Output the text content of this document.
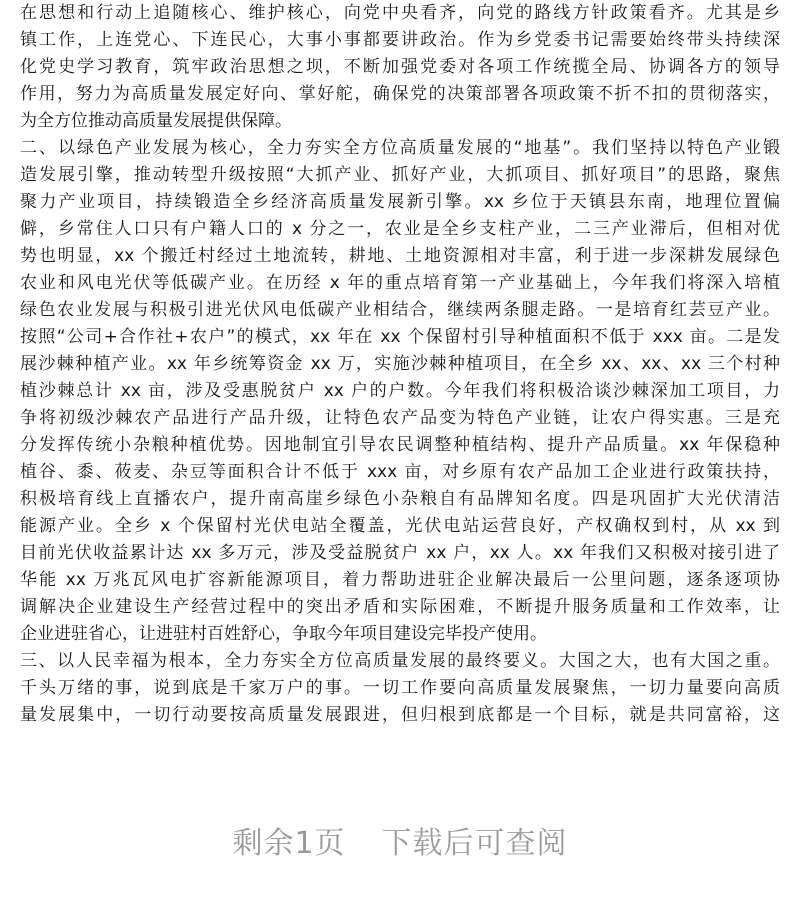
在思想和行动上追随核心、维护核心，向党中央看齐，向党的路线方针政策看齐。尤其是乡
镇工作，上连党心、下连民心，大事小事都要讲政治。作为乡党委书记需要始终带头持续深
化党史学习教育，筑牢政治思想之坝，不断加强党委对各项工作统揽全局、协调各方的领导
作用，努力为高质量发展定好向、掌好舵，确保党的决策部署各项政策不折不扣的贯彻落实，
为全方位推动高质量发展提供保障。
二、以绿色产业发展为核心，全力夯实全方位高质量发展的“地基”。我们坚持以特色产业锻
造发展引擎，推动转型升级按照“大抓产业、抓好产业，大抓项目、抓好项目”的思路，聚焦
聚力产业项目，持续锻造全乡经济高质量发展新引擎。xx 乡位于天镇县东南，地理位置偏
僻，乡常住人口只有户籍人口的 x 分之一，农业是全乡支柱产业，二三产业滞后，但相对优
势也明显，xx 个搬迁村经过土地流转，耕地、土地资源相对丰富，利于进一步深耕发展绿色
农业和风电光伏等低碳产业。在历经 x 年的重点培育第一产业基础上，今年我们将深入培植
绿色农业发展与积极引进光伏风电低碳产业相结合，继续两条腿走路。一是培育红芸豆产业。
按照“公司+合作社+农户”的模式，xx 年在 xx 个保留村引导种植面积不低于 xxx 亩。二是发
展沙棘种植产业。xx 年乡统筹资金 xx 万，实施沙棘种植项目，在全乡 xx、xx、xx 三个村种
植沙棘总计 xx 亩，涉及受惠脱贫户 xx 户的户数。今年我们将积极洽谈沙棘深加工项目，力
争将初级沙棘农产品进行产品升级，让特色农产品变为特色产业链，让农户得实惠。三是充
分发挥传统小杂粮种植优势。因地制宜引导农民调整种植结构、提升产品质量。xx 年保稳种
植谷、黍、莜麦、杂豆等面积合计不低于 xxx 亩，对乡原有农产品加工企业进行政策扶持，
积极培育线上直播农户，提升南高崖乡绿色小杂粮自有品牌知名度。四是巩固扩大光伏清洁
能源产业。全乡 x 个保留村光伏电站全覆盖，光伏电站运营良好，产权确权到村，从 xx 到
目前光伏收益累计达 xx 多万元，涉及受益脱贫户 xx 户，xx 人。xx 年我们又积极对接引进了
华能 xx 万兆瓦风电扩容新能源项目，着力帮助进驻企业解决最后一公里问题，逐条逐项协
调解决企业建设生产经营过程中的突出矛盾和实际困难，不断提升服务质量和工作效率，让
企业进驻省心，让进驻村百姓舒心，争取今年项目建设完毕投产使用。
三、以人民幸福为根本，全力夯实全方位高质量发展的最终要义。大国之大，也有大国之重。
千头万绪的事，说到底是千家万户的事。一切工作要向高质量发展聚焦，一切力量要向高质
量发展集中，一切行动要按高质量发展跟进，但归根到底都是一个目标，就是共同富裕，这
剩余1页 下载后可查阅
